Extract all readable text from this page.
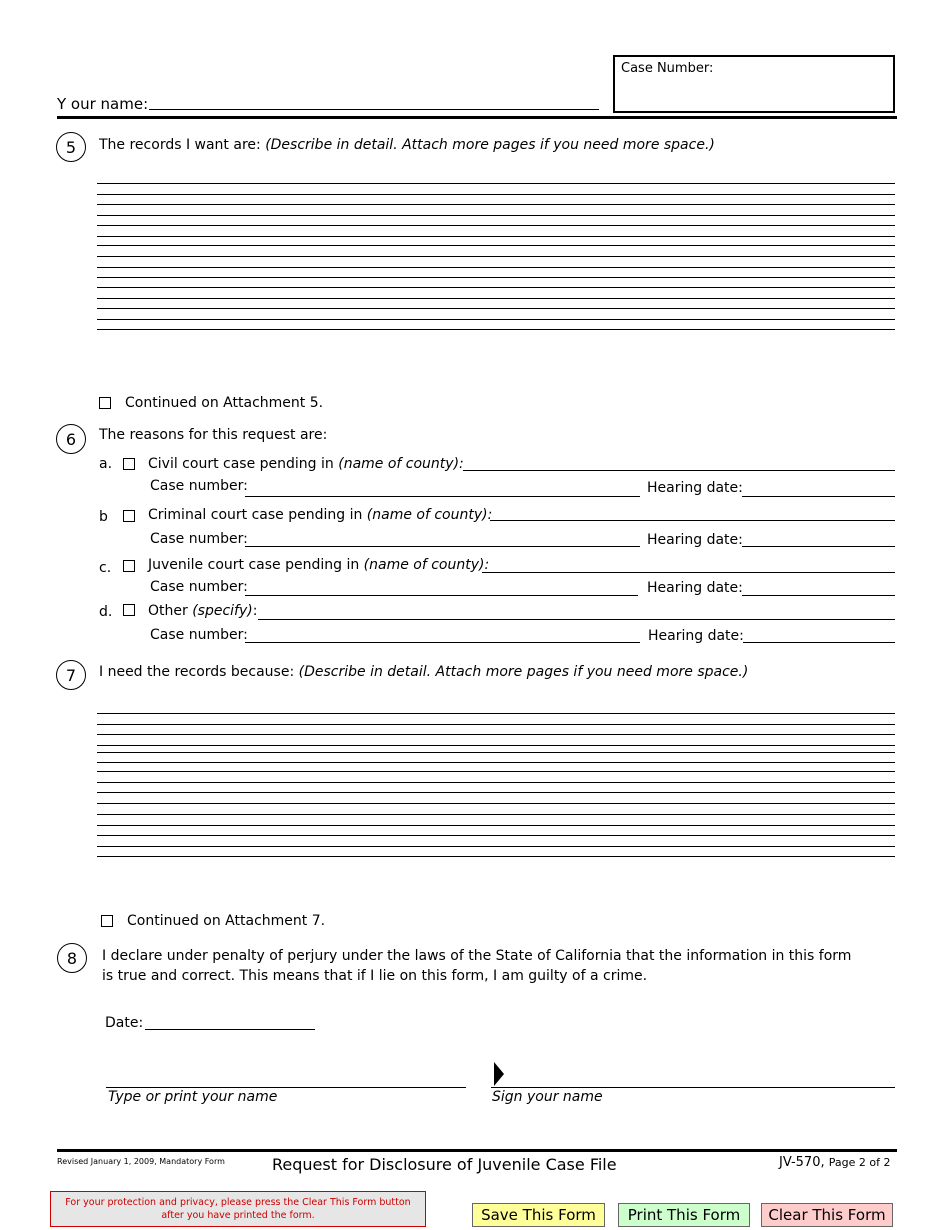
Y our name:
Case Number:
5	The records I want are: (Describe in detail. Attach more pages if you need more space.)
Continued on Attachment 5.
6	The reasons for this request are:
a.	Civil court case pending in (name of county):
Case number:	Hearing date:
b	Criminal court case pending in (name of county):
Case number:	Hearing date:
c.	Juvenile court case pending in (name of county):
Case number:	Hearing date:
d.	Other (specify):
Case number:	Hearing date:
7	I need the records because: (Describe in detail. Attach more pages if you need more space.)
Continued on Attachment 7.
8	I declare under penalty of perjury under the laws of the State of California that the information in this form
is true and correct. This means that if I lie on this form, I am guilty of a crime.
Date:
Type or print your name	Sign your name
Revised January 1, 2009, Mandatory Form	Request for Disclosure of Juvenile Case File	JV-570, Page 2 of 2
For your protection and privacy, please press the Clear This Form button after you have printed the form.	Save This Form	Print This Form	Clear This Form
